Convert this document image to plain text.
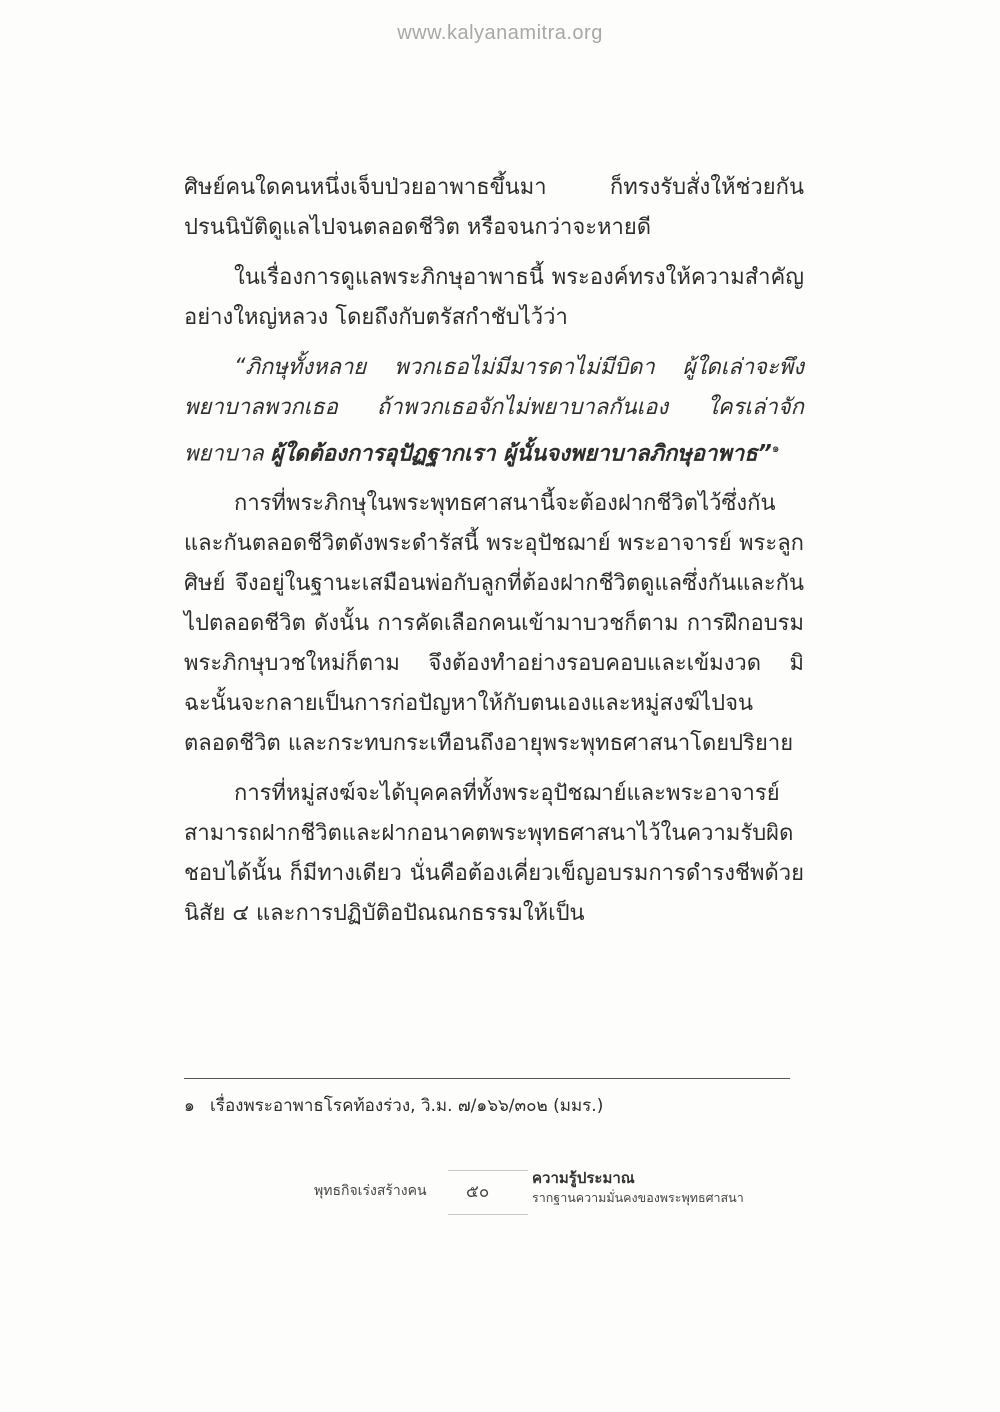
www.kalyanamitra.org

ศิษย์คนใดคนหนึ่งเจ็บป่วยอาพาธขึ้นมา ก็ทรงรับสั่งให้ช่วยกันปรนนิบัติดูแลไปจนตลอดชีวิต หรือจนกว่าจะหายดี

ในเรื่องการดูแลพระภิกษุอาพาธนี้ พระองค์ทรงให้ความสำคัญอย่างใหญ่หลวง โดยถึงกับตรัสกำชับไว้ว่า

“ภิกษุทั้งหลาย พวกเธอไม่มีมารดาไม่มีบิดา ผู้ใดเล่าจะพึงพยาบาลพวกเธอ ถ้าพวกเธอจักไม่พยาบาลกันเอง ใครเล่าจักพยาบาล ผู้ใดต้องการอุปัฏฐากเรา ผู้นั้นจงพยาบาลภิกษุอาพาธ”$^๑$

การที่พระภิกษุในพระพุทธศาสนานี้จะต้องฝากชีวิตไว้ซึ่งกันและกันตลอดชีวิตดังพระดำรัสนี้ พระอุปัชฌาย์ พระอาจารย์ พระลูกศิษย์ จึงอยู่ในฐานะเสมือนพ่อกับลูกที่ต้องฝากชีวิตดูแลซึ่งกันและกันไปตลอดชีวิต ดังนั้น การคัดเลือกคนเข้ามาบวชก็ตาม การฝึกอบรมพระภิกษุบวชใหม่ก็ตาม จึงต้องทำอย่างรอบคอบและเข้มงวด มิฉะนั้นจะกลายเป็นการก่อปัญหาให้กับตนเองและหมู่สงฆ์ไปจนตลอดชีวิต และกระทบกระเทือนถึงอายุพระพุทธศาสนาโดยปริยาย

การที่หมู่สงฆ์จะได้บุคคลที่ทั้งพระอุปัชฌาย์และพระอาจารย์สามารถฝากชีวิตและฝากอนาคตพระพุทธศาสนาไว้ในความรับผิดชอบได้นั้น ก็มีทางเดียว นั่นคือต้องเคี่ยวเข็ญอบรมการดำรงชีพด้วยนิสัย ๔ และการปฏิบัติอปัณณกธรรมให้เป็น

๑ เรื่องพระอาพาธโรคท้องร่วง, วิ.ม. ๗/๑๖๖/๓๐๒ (มมร.)
พุทธกิจเร่งสร้างคน ๕๐
ความรู้ประมาณ
รากฐานความมั่นคงของพระพุทธศาสนา
